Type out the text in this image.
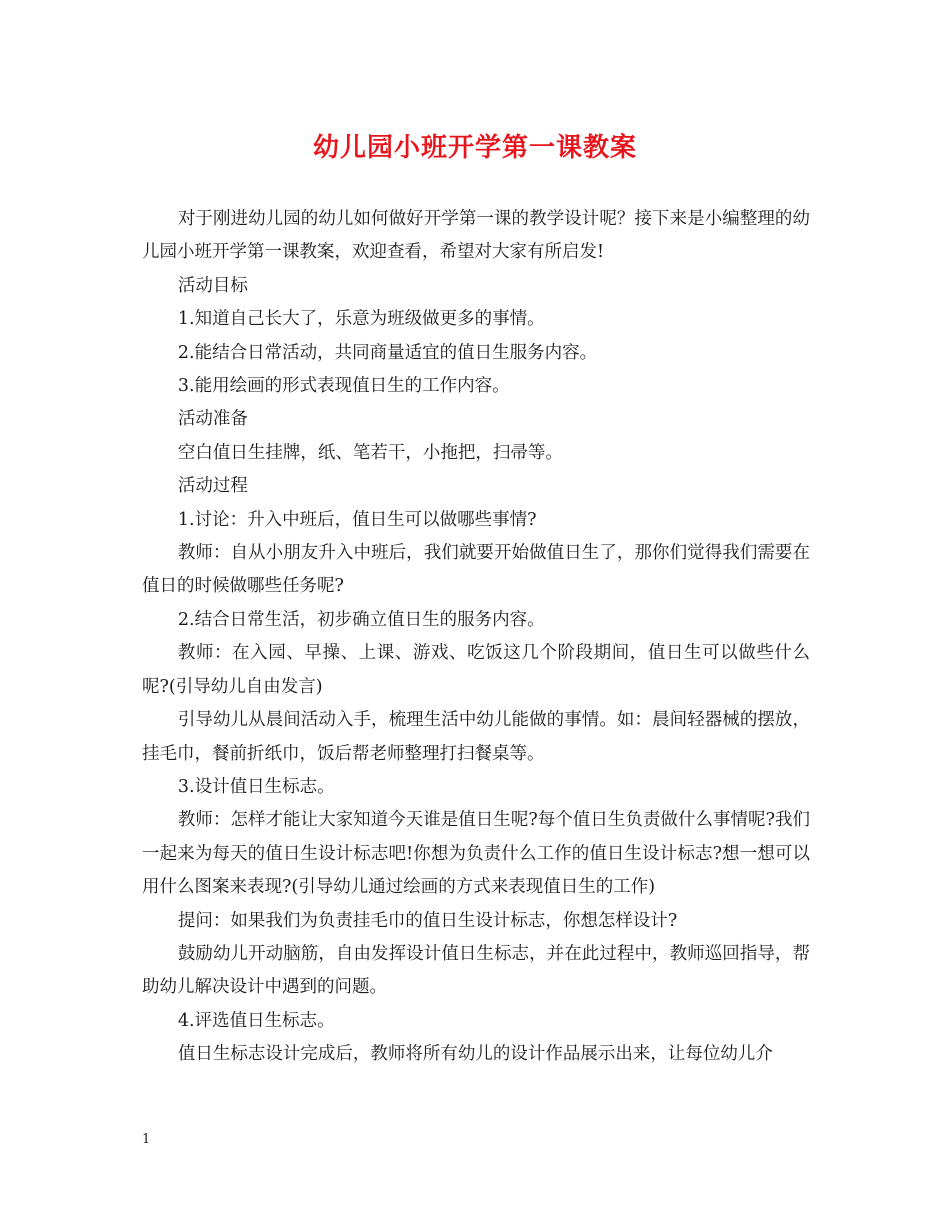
幼儿园小班开学第一课教案

对于刚进幼儿园的幼儿如何做好开学第一课的教学设计呢？接下来是小编整理的幼儿园小班开学第一课教案，欢迎查看，希望对大家有所启发!

活动目标

1.知道自己长大了，乐意为班级做更多的事情。

2.能结合日常活动，共同商量适宜的值日生服务内容。

3.能用绘画的形式表现值日生的工作内容。

活动准备

空白值日生挂牌，纸、笔若干，小拖把，扫帚等。

活动过程

1.讨论：升入中班后，值日生可以做哪些事情?

教师：自从小朋友升入中班后，我们就要开始做值日生了，那你们觉得我们需要在值日的时候做哪些任务呢?

2.结合日常生活，初步确立值日生的服务内容。

教师：在入园、早操、上课、游戏、吃饭这几个阶段期间，值日生可以做些什么呢?(引导幼儿自由发言)

引导幼儿从晨间活动入手，梳理生活中幼儿能做的事情。如：晨间轻器械的摆放，挂毛巾，餐前折纸巾，饭后帮老师整理打扫餐桌等。

3.设计值日生标志。

教师：怎样才能让大家知道今天谁是值日生呢?每个值日生负责做什么事情呢?我们一起来为每天的值日生设计标志吧!你想为负责什么工作的值日生设计标志?想一想可以用什么图案来表现?(引导幼儿通过绘画的方式来表现值日生的工作)

提问：如果我们为负责挂毛巾的值日生设计标志，你想怎样设计?

鼓励幼儿开动脑筋，自由发挥设计值日生标志，并在此过程中，教师巡回指导，帮助幼儿解决设计中遇到的问题。

4.评选值日生标志。

值日生标志设计完成后，教师将所有幼儿的设计作品展示出来，让每位幼儿介

1
